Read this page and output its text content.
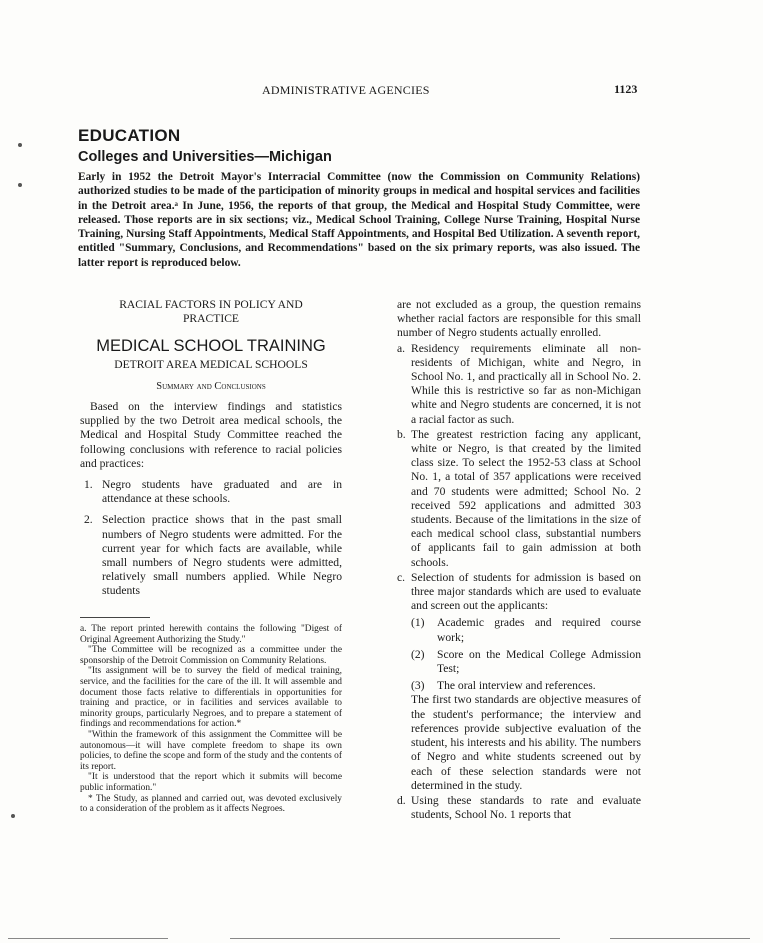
ADMINISTRATIVE AGENCIES	1123
EDUCATION
Colleges and Universities—Michigan
Early in 1952 the Detroit Mayor's Interracial Committee (now the Commission on Community Relations) authorized studies to be made of the participation of minority groups in medical and hospital services and facilities in the Detroit area.ᵃ In June, 1956, the reports of that group, the Medical and Hospital Study Committee, were released. Those reports are in six sections; viz., Medical School Training, College Nurse Training, Hospital Nurse Training, Nursing Staff Appointments, Medical Staff Appointments, and Hospital Bed Utilization. A seventh report, entitled "Summary, Conclusions, and Recommendations" based on the six primary reports, was also issued. The latter report is reproduced below.
RACIAL FACTORS IN POLICY AND
PRACTICE
MEDICAL SCHOOL TRAINING
DETROIT AREA MEDICAL SCHOOLS
Summary and Conclusions

Based on the interview findings and statistics supplied by the two Detroit area medical schools, the Medical and Hospital Study Committee reached the following conclusions with reference to racial policies and practices:

1. Negro students have graduated and are in attendance at these schools.
2. Selection practice shows that in the past small numbers of Negro students were admitted. For the current year for which facts are available, while small numbers of Negro students were admitted, relatively small numbers applied. While Negro students

a. The report printed herewith contains the following "Digest of Original Agreement Authorizing the Study."

"The Committee will be recognized as a committee under the sponsorship of the Detroit Commission on Community Relations.

"Its assignment will be to survey the field of medical training, service, and the facilities for the care of the ill. It will assemble and document those facts relative to differentials in opportunities for training and practice, or in facilities and services available to minority groups, particularly Negroes, and to prepare a statement of findings and recommendations for action.*

"Within the framework of this assignment the Committee will be autonomous—it will have complete freedom to shape its own policies, to define the scope and form of the study and the contents of its report.

"It is understood that the report which it submits will become public information."

* The Study, as planned and carried out, was devoted exclusively to a consideration of the problem as it affects Negroes.

are not excluded as a group, the question remains whether racial factors are responsible for this small number of Negro students actually enrolled.

a. Residency requirements eliminate all non-residents of Michigan, white and Negro, in School No. 1, and practically all in School No. 2. While this is restrictive so far as non-Michigan white and Negro students are concerned, it is not a racial factor as such.
b. The greatest restriction facing any applicant, white or Negro, is that created by the limited class size. To select the 1952-53 class at School No. 1, a total of 357 applications were received and 70 students were admitted; School No. 2 received 592 applications and admitted 303 students. Because of the limitations in the size of each medical school class, substantial numbers of applicants fail to gain admission at both schools.
c. Selection of students for admission is based on three major standards which are used to evaluate and screen out the applicants:
(1)	Academic grades and required course work;
(2)	Score on the Medical College Admission Test;
(3)	The oral interview and references.
The first two standards are objective measures of the student's performance; the interview and references provide subjective evaluation of the student, his interests and his ability. The numbers of Negro and white students screened out by each of these selection standards were not determined in the study.
d. Using these standards to rate and evaluate students, School No. 1 reports that
